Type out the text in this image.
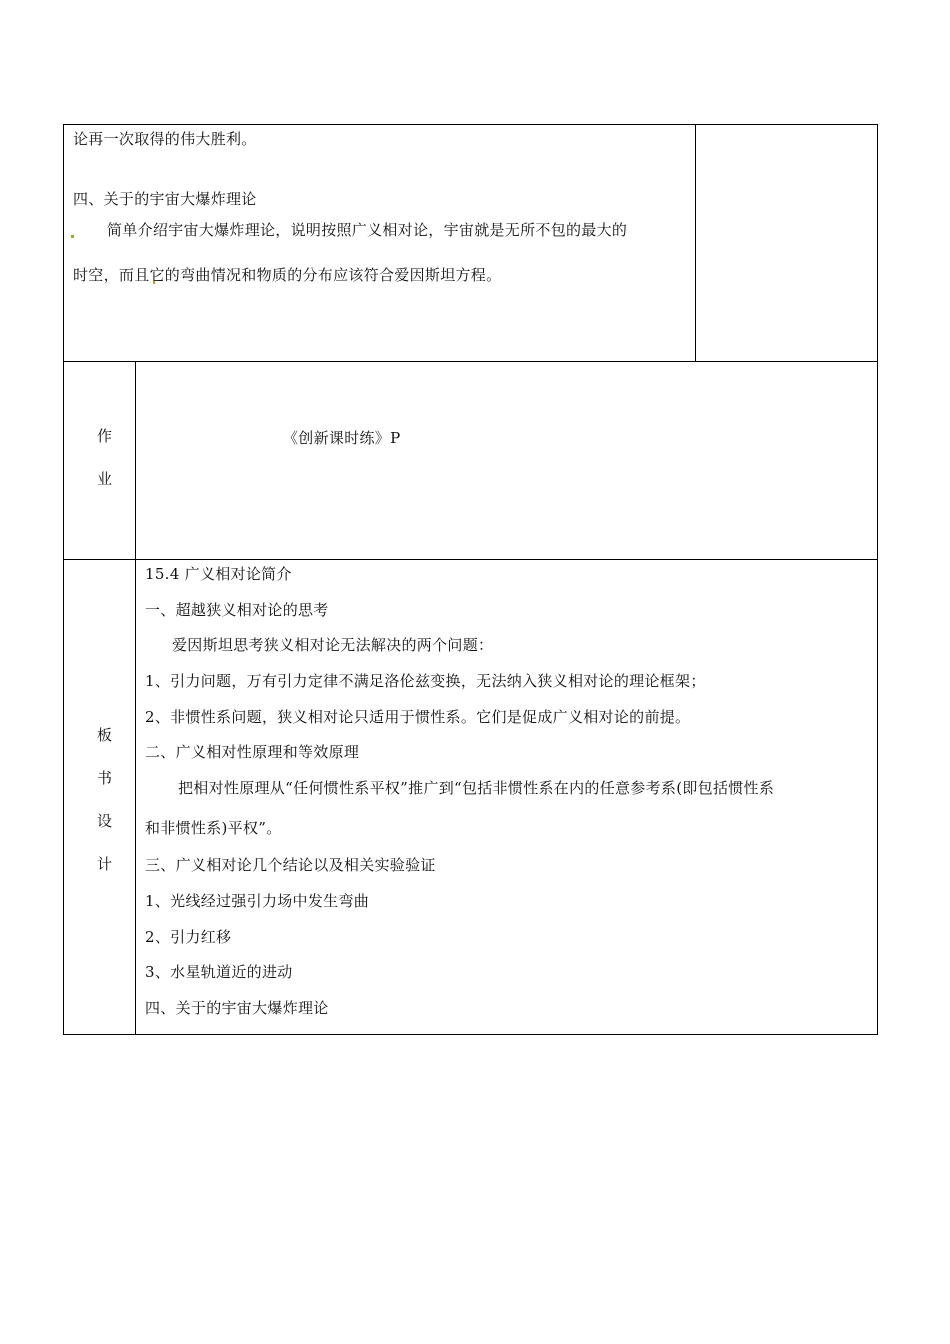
论再一次取得的伟大胜利。
四、关于的宇宙大爆炸理论
简单介绍宇宙大爆炸理论，说明按照广义相对论，宇宙就是无所不包的最大的
时空，而且它的弯曲情况和物质的分布应该符合爱因斯坦方程。
作
业
《创新课时练》P
板
书
设
计
15.4 广义相对论简介
一、超越狭义相对论的思考
爱因斯坦思考狭义相对论无法解决的两个问题：
1、引力问题，万有引力定律不满足洛伦兹变换，无法纳入狭义相对论的理论框架；
2、非惯性系问题，狭义相对论只适用于惯性系。它们是促成广义相对论的前提。
二、广义相对性原理和等效原理
把相对性原理从“任何惯性系平权”推广到“包括非惯性系在内的任意参考系(即包括惯性系
和非惯性系)平权”。
三、广义相对论几个结论以及相关实验验证
1、光线经过强引力场中发生弯曲
2、引力红移
3、水星轨道近的进动
四、关于的宇宙大爆炸理论
